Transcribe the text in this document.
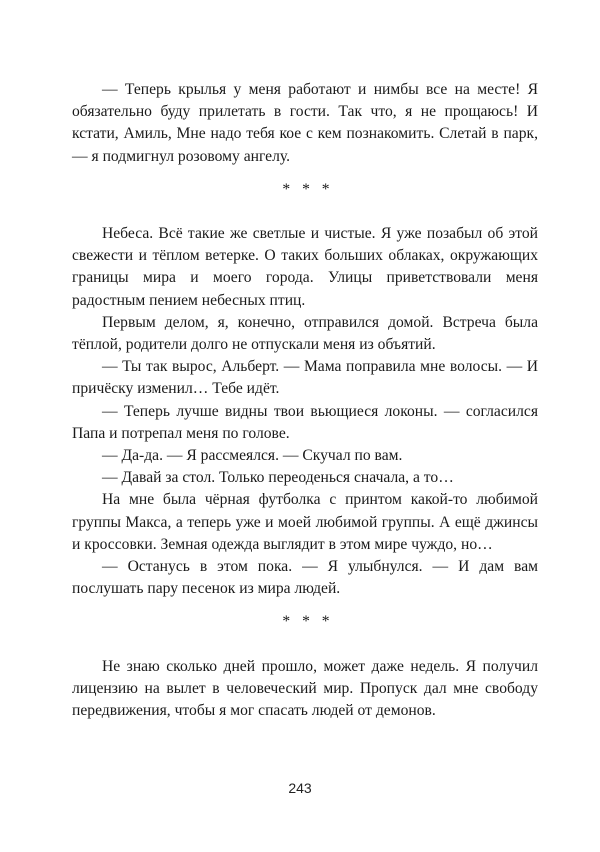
— Теперь крылья у меня работают и нимбы все на месте! Я обязательно буду прилетать в гости. Так что, я не прощаюсь! И кстати, Амиль, Мне надо тебя кое с кем познакомить. Слетай в парк, — я подмигнул розовому ангелу.

* * *

Небеса. Всё такие же светлые и чистые. Я уже позабыл об этой свежести и тёплом ветерке. О таких больших облаках, окружающих границы мира и моего города. Улицы приветствовали меня радостным пением небесных птиц.

Первым делом, я, конечно, отправился домой. Встреча была тёплой, родители долго не отпускали меня из объятий.

— Ты так вырос, Альберт. — Мама поправила мне волосы. — И причёску изменил… Тебе идёт.

— Теперь лучше видны твои вьющиеся локоны. — согласился Папа и потрепал меня по голове.

— Да-да. — Я рассмеялся. — Скучал по вам.

— Давай за стол. Только переоденься сначала, а то…

На мне была чёрная футболка с принтом какой-то любимой группы Макса, а теперь уже и моей любимой группы. А ещё джинсы и кроссовки. Земная одежда выглядит в этом мире чуждо, но…

— Останусь в этом пока. — Я улыбнулся. — И дам вам послушать пару песенок из мира людей.

* * *

Не знаю сколько дней прошло, может даже недель. Я получил лицензию на вылет в человеческий мир. Пропуск дал мне свободу передвижения, чтобы я мог спасать людей от демонов.

243
